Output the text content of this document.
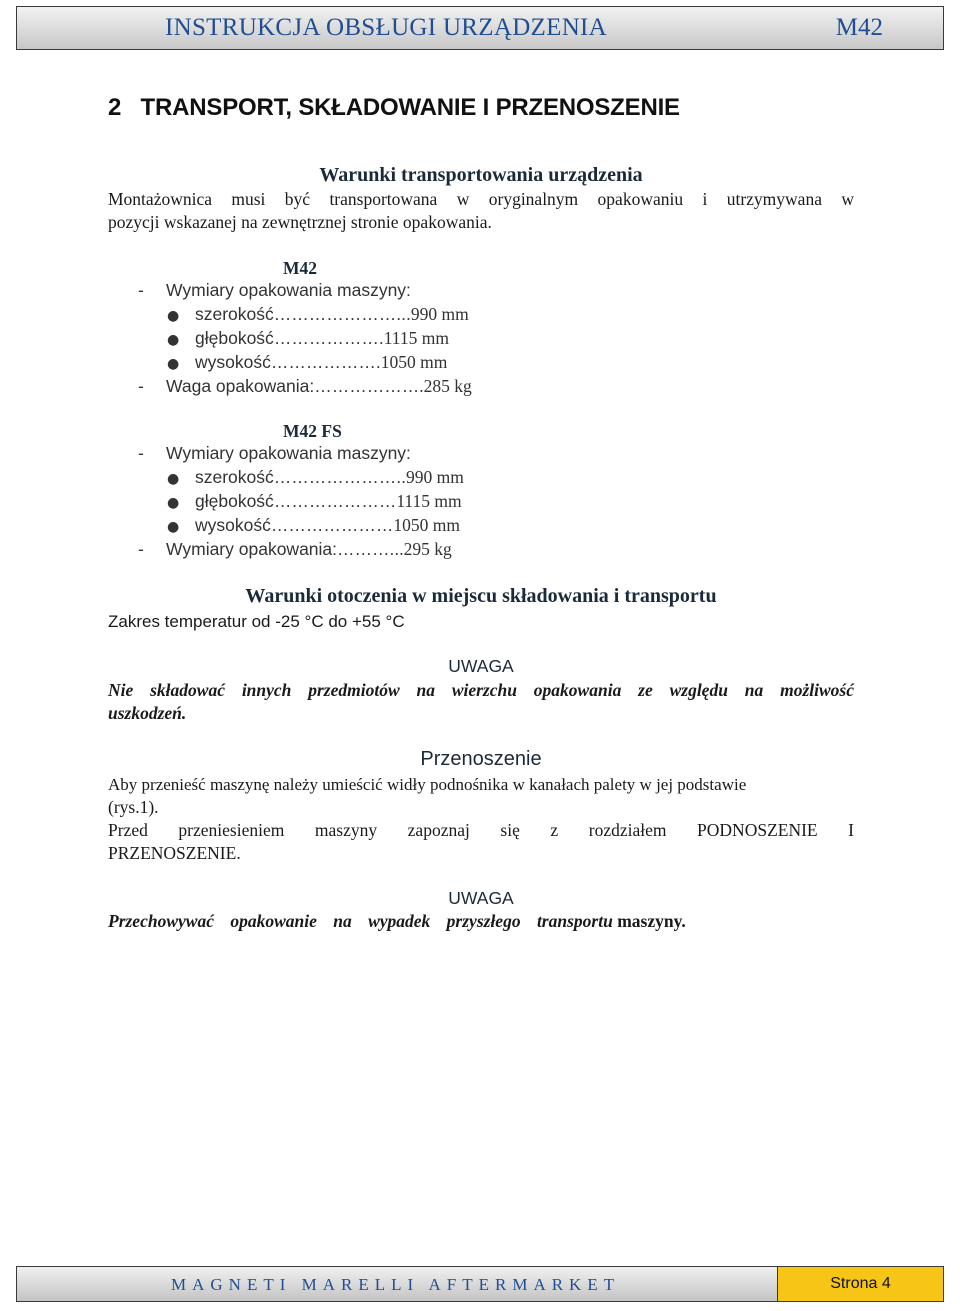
INSTRUKCJA OBSŁUGI URZĄDZENIA	M42
2   TRANSPORT, SKŁADOWANIE I PRZENOSZENIE
Warunki transportowania urządzenia
Montażownica musi być transportowana w oryginalnym opakowaniu i utrzymywana w
pozycji wskazanej na zewnętrznej stronie opakowania.
M42
- Wymiary opakowania maszyny:
● szerokość…………………...990 mm
● głębokość……………….1115 mm
● wysokość……………….1050 mm
- Waga opakowania:……………….285 kg
M42 FS
- Wymiary opakowania maszyny:
● szerokość…………………..990 mm
● głębokość…………………1115 mm
● wysokość…………………1050 mm
- Wymiary opakowania:………...295 kg
Warunki otoczenia w miejscu składowania i transportu
Zakres temperatur od -25 °C do +55 °C
UWAGA
Nie składować innych przedmiotów na wierzchu opakowania ze względu na możliwość
uszkodzeń.
Przenoszenie
Aby przenieść maszynę należy umieścić widły podnośnika w kanałach palety w jej podstawie
(rys.1).
Przed przeniesieniem maszyny zapoznaj się z rozdziałem PODNOSZENIE I
PRZENOSZENIE.
UWAGA
Przechowywać opakowanie na wypadek przyszłego transportu maszyny.
MAGNETI MARELLI AFTERMARKET	Strona 4
